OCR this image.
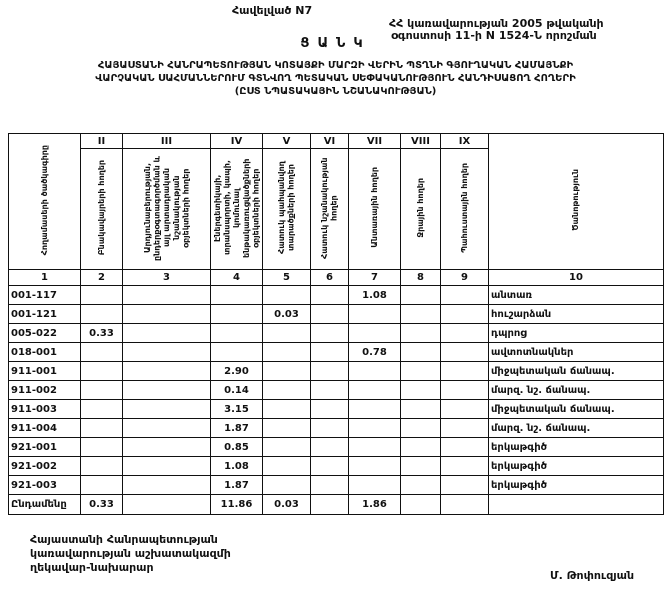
Հավելված N7
ՀՀ կառավարության 2005 թվականի
օգոստոսի 11-ի N 1524-Ն որոշման
ՑԱՆԿ
ՀԱՅԱՍՏԱՆԻ ՀԱՆՐԱՊԵՏՈՒԹՅԱՆ ԿՈՏԱՅՔԻ ՄԱՐԶԻ ՎԵՐԻՆ ՊՏՂՆԻ ԳՅՈՒՂԱԿԱՆ ՀԱՄԱՅՆՔԻ
ՎԱՐՉԱԿԱՆ ՍԱՀՄԱՆՆԵՐՈՒՄ ԳՏՆՎՈՂ ՊԵՏԱԿԱՆ ՍԵՓԱԿԱՆՈՒԹՅՈՒՆ ՀԱՆԴԻՍԱՑՈՂ ՀՈՂԵՐԻ
(ԸՍՏ ՆՊԱՏԱԿԱՅԻՆ ՆՇԱՆԱԿՈՒԹՅԱՆ)
Հողամասերի ծածկագիրը	II	III	IV	V	VI	VII	VIII	IX	Ծանոթություն
	Բնակավայրերի հողեր	Արդյունաբերության, ընդերքօգտագործման և այլ արտադրական նշանակության օբյեկտների հողեր	Էներգետիկայի, տրանսպորտի, կապի, կոմունալ ենթակառուցվածքների օբյեկտների հողեր	Հատուկ պահպանվող տարածքների հողեր	Հատուկ նշանակության հողեր	Անտառային հողեր	Ջրային հողեր	Պահուստային հողեր	
1	2	3	4	5	6	7	8	9	10
001-117						1.08			անտառ
001-121				0.03					հուշարձան
005-022	0.33								դպրոց
018-001						0.78			ավտոտնակներ
911-001			2.90						միջպետական ճանապ.
911-002			0.14						մարզ. նշ. ճանապ.
911-003			3.15						միջպետական ճանապ.
911-004			1.87						մարզ. նշ. ճանապ.
921-001			0.85						երկաթգիծ
921-002			1.08						երկաթգիծ
921-003			1.87						երկաթգիծ
Ընդամենը	0.33		11.86	0.03		1.86			
Հայաստանի Հանրապետության
կառավարության աշխատակազմի
ղեկավար-նախարար
Մ. Թոփուզյան
